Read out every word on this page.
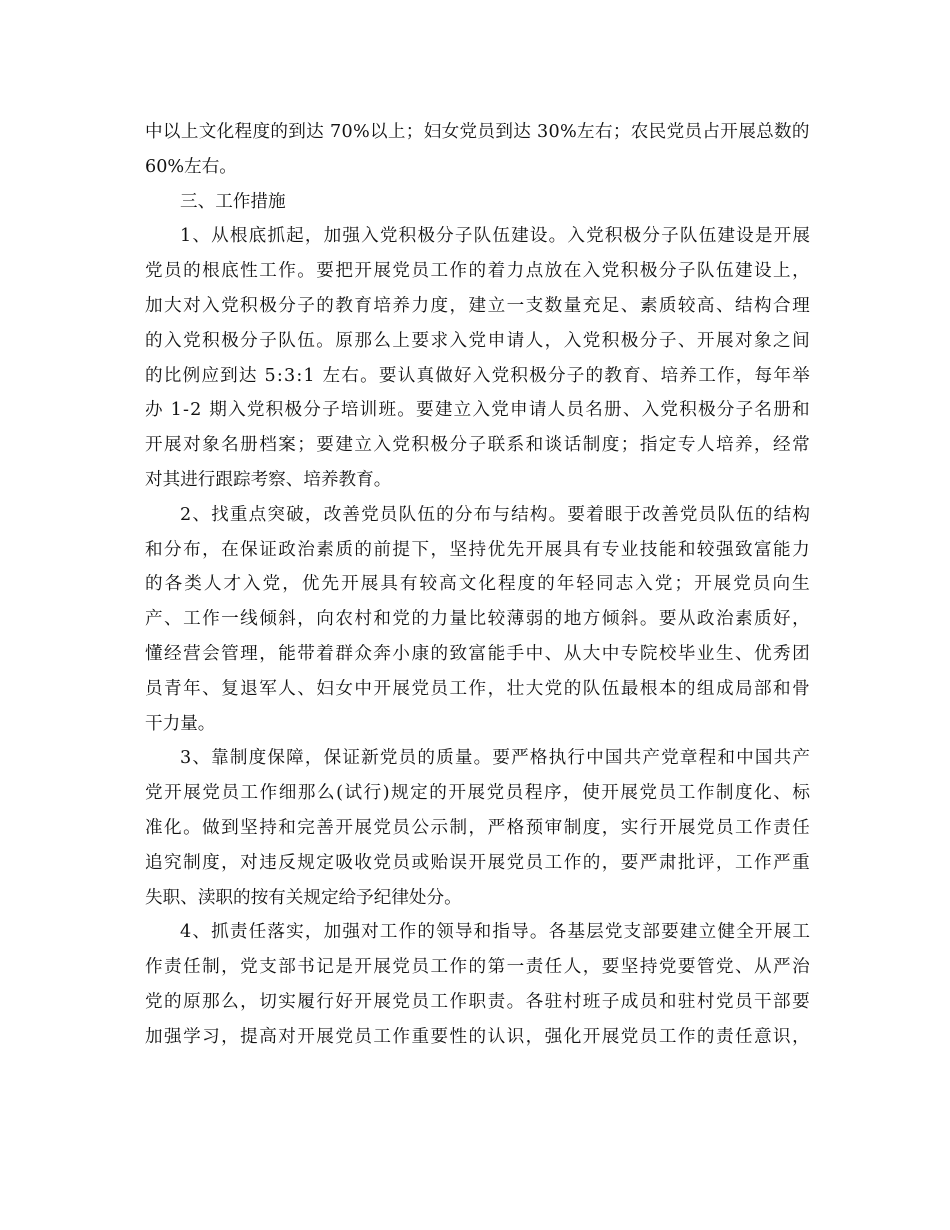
中 以 上 文 化 程 度 的 到 达
7 0 % 以 上 ； 妇 女 党 员 到 达
3 0 % 左 右 ； 农 民 党 员 占 开 展 总 数 的
60%左右。
三、工作措施
1 、 从 根 底 抓 起 ， 加 强 入 党 积 极 分 子 队 伍 建 设 。 入 党 积 极 分 子 队 伍 建 设 是 开 展
党 员 的 根 底 性 工 作 。 要 把 开 展 党 员 工 作 的 着 力 点 放 在 入 党 积 极 分 子 队 伍 建 设 上 ，
加 大 对 入 党 积 极 分 子 的 教 育 培 养 力 度 ， 建 立 一 支 数 量 充 足 、 素 质 较 高 、 结 构 合 理
的 入 党 积 极 分 子 队 伍 。 原 那 么 上 要 求 入 党 申 请 人 ， 入 党 积 极 分 子 、 开 展 对 象 之 间
的 比 例 应 到 达
5 : 3 : 1
左 右 。 要 认 真 做 好 入 党 积 极 分 子 的 教 育 、 培 养 工 作 ， 每 年 举
办
1 - 2
期 入 党 积 极 分 子 培 训 班 。 要 建 立 入 党 申 请 人 员 名 册 、 入 党 积 极 分 子 名 册 和
开 展 对 象 名 册 档 案 ； 要 建 立 入 党 积 极 分 子 联 系 和 谈 话 制 度 ； 指 定 专 人 培 养 ， 经 常
对其进行跟踪考察、培养教育。
2 、 找 重 点 突 破 ， 改 善 党 员 队 伍 的 分 布 与 结 构 。 要 着 眼 于 改 善 党 员 队 伍 的 结 构
和 分 布 ， 在 保 证 政 治 素 质 的 前 提 下 ， 坚 持 优 先 开 展 具 有 专 业 技 能 和 较 强 致 富 能 力
的 各 类 人 才 入 党 ， 优 先 开 展 具 有 较 高 文 化 程 度 的 年 轻 同 志 入 党 ； 开 展 党 员 向 生
产 、 工 作 一 线 倾 斜 ， 向 农 村 和 党 的 力 量 比 较 薄 弱 的 地 方 倾 斜 。 要 从 政 治 素 质 好 ，
懂 经 营 会 管 理 ， 能 带 着 群 众 奔 小 康 的 致 富 能 手 中 、 从 大 中 专 院 校 毕 业 生 、 优 秀 团
员 青 年 、 复 退 军 人 、 妇 女 中 开 展 党 员 工 作 ， 壮 大 党 的 队 伍 最 根 本 的 组 成 局 部 和 骨
干力量。
3 、 靠 制 度 保 障 ， 保 证 新 党 员 的 质 量 。 要 严 格 执 行 中 国 共 产 党 章 程 和 中 国 共 产
党 开 展 党 员 工 作 细 那 么 ( 试 行 ) 规 定 的 开 展 党 员 程 序 ， 使 开 展 党 员 工 作 制 度 化 、 标
准 化 。 做 到 坚 持 和 完 善 开 展 党 员 公 示 制 ， 严 格 预 审 制 度 ， 实 行 开 展 党 员 工 作 责 任
追 究 制 度 ， 对 违 反 规 定 吸 收 党 员 或 贻 误 开 展 党 员 工 作 的 ， 要 严 肃 批 评 ， 工 作 严 重
失职、渎职的按有关规定给予纪律处分。
4 、 抓 责 任 落 实 ， 加 强 对 工 作 的 领 导 和 指 导 。 各 基 层 党 支 部 要 建 立 健 全 开 展 工
作 责 任 制 ， 党 支 部 书 记 是 开 展 党 员 工 作 的 第 一 责 任 人 ， 要 坚 持 党 要 管 党 、 从 严 治
党 的 原 那 么 ， 切 实 履 行 好 开 展 党 员 工 作 职 责 。 各 驻 村 班 子 成 员 和 驻 村 党 员 干 部 要
加 强 学 习 ， 提 高 对 开 展 党 员 工 作 重 要 性 的 认 识 ， 强 化 开 展 党 员 工 作 的 责 任 意 识 ，
